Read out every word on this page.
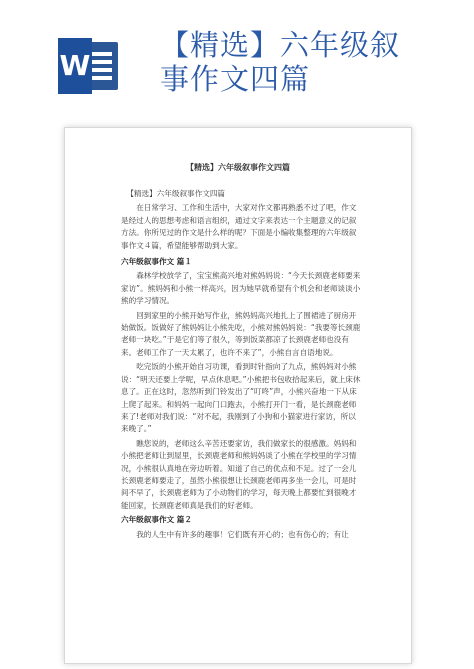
W
【精选】六年级叙
事作文四篇
【精选】六年级叙事作文四篇

【精选】六年级叙事作文四篇

在日常学习、工作和生活中，大家对作文都再熟悉不过了吧，作文是经过人的思想考虑和语言组织，通过文字来表达一个主题意义的记叙方法。你所见过的作文是什么样的呢？下面是小编收集整理的六年级叙事作文４篇，希望能够帮助到大家。

六年级叙事作文 篇１

森林学校放学了，宝宝熊高兴地对熊妈妈说：“今天长颈鹿老师要来家访”。熊妈妈和小熊一样高兴，因为她早就希望有个机会和老师谈谈小熊的学习情况。

回到家里的小熊开始写作业，熊妈妈高兴地扎上了围裙进了厨房开始做饭。饭做好了熊妈妈让小熊先吃，小熊对熊妈妈说：“我要等长颈鹿老师一块吃。”于是它们等了很久，等到饭菜都凉了长颈鹿老师也没有来。老师工作了一天太累了，也许不来了”，小熊自言自语地说。

吃完饭的小熊开始自习功课，看到时针指向了九点，熊妈妈对小熊说：“明天还要上学呢，早点休息吧。”小熊把书包收拾起来后，就上床休息了。正在这时，忽然听到门铃发出了“叮咚”声，小熊兴奋地一下从床上爬了起来。和妈妈一起向门口跑去，小熊打开门一看，是长颈鹿老师来了!老师对我们说：“对不起，我刚到了小狗和小猫家进行家访，所以来晚了。”

瞧您说的，老师这么辛苦还要家访，我们做家长的很感激。妈妈和小熊把老师让到屋里，长颈鹿老师和熊妈妈谈了小熊在学校里的学习情况，小熊很认真地在旁边听着。知道了自己的优点和不足。过了一会儿长颈鹿老师要走了，虽然小熊很想让长颈鹿老师再多坐一会儿，可是时间不早了，长颈鹿老师为了小动物们的学习，每天晚上都要忙到很晚才能回家，长颈鹿老师真是我们的好老师。

六年级叙事作文 篇２

我的人生中有许多的趣事！它们既有开心的；也有伤心的；有让
